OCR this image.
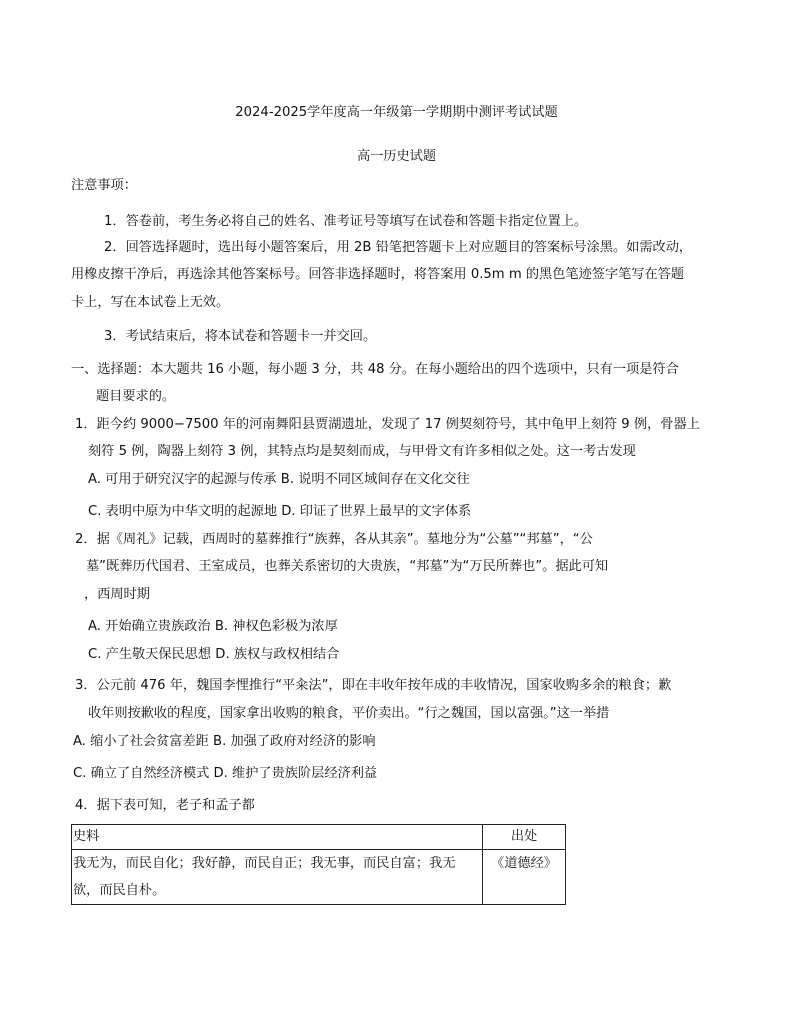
2024-2025学年度高一年级第一学期期中测评考试试题
高一历史试题
注意事项：
1．答卷前，考生务必将自己的姓名、准考证号等填写在试卷和答题卡指定位置上。
2．回答选择题时，选出每小题答案后，用 2B 铅笔把答题卡上对应题目的答案标号涂黑。如需改动，
用橡皮擦干净后，再选涂其他答案标号。回答非选择题时，将答案用 0.5m m 的黑色笔迹签字笔写在答题
卡上，写在本试卷上无效。
3．考试结束后，将本试卷和答题卡一并交回。
一、选择题：本大题共 16 小题，每小题 3 分，共 48 分。在每小题给出的四个选项中，只有一项是符合
题目要求的。
1．距今约 9000−7500 年的河南舞阳县贾湖遗址，发现了 17 例契刻符号，其中龟甲上刻符 9 例，骨器上
刻符 5 例，陶器上刻符 3 例，其特点均是契刻而成，与甲骨文有许多相似之处。这一考古发现
A. 可用于研究汉字的起源与传承 B. 说明不同区域间存在文化交往
C. 表明中原为中华文明的起源地 D. 印证了世界上最早的文字体系
2．据《周礼》记载，西周时的墓葬推行“族葬，各从其亲”。墓地分为“公墓”“邦墓”，“公
墓”既葬历代国君、王室成员，也葬关系密切的大贵族，“邦墓”为“万民所葬也”。据此可知
，西周时期
A. 开始确立贵族政治 B. 神权色彩极为浓厚
C. 产生敬天保民思想 D. 族权与政权相结合
3．公元前 476 年，魏国李悝推行“平籴法”，即在丰收年按年成的丰收情况，国家收购多余的粮食；歉
收年则按歉收的程度，国家拿出收购的粮食，平价卖出。“行之魏国，国以富强。”这一举措
A. 缩小了社会贫富差距 B. 加强了政府对经济的影响
C. 确立了自然经济模式 D. 维护了贵族阶层经济利益
4．据下表可知，老子和孟子都
史料	出处

我无为，而民自化；我好静，而民自正；我无事，而民自富；我无
欲，而民自朴。	《道德经》
